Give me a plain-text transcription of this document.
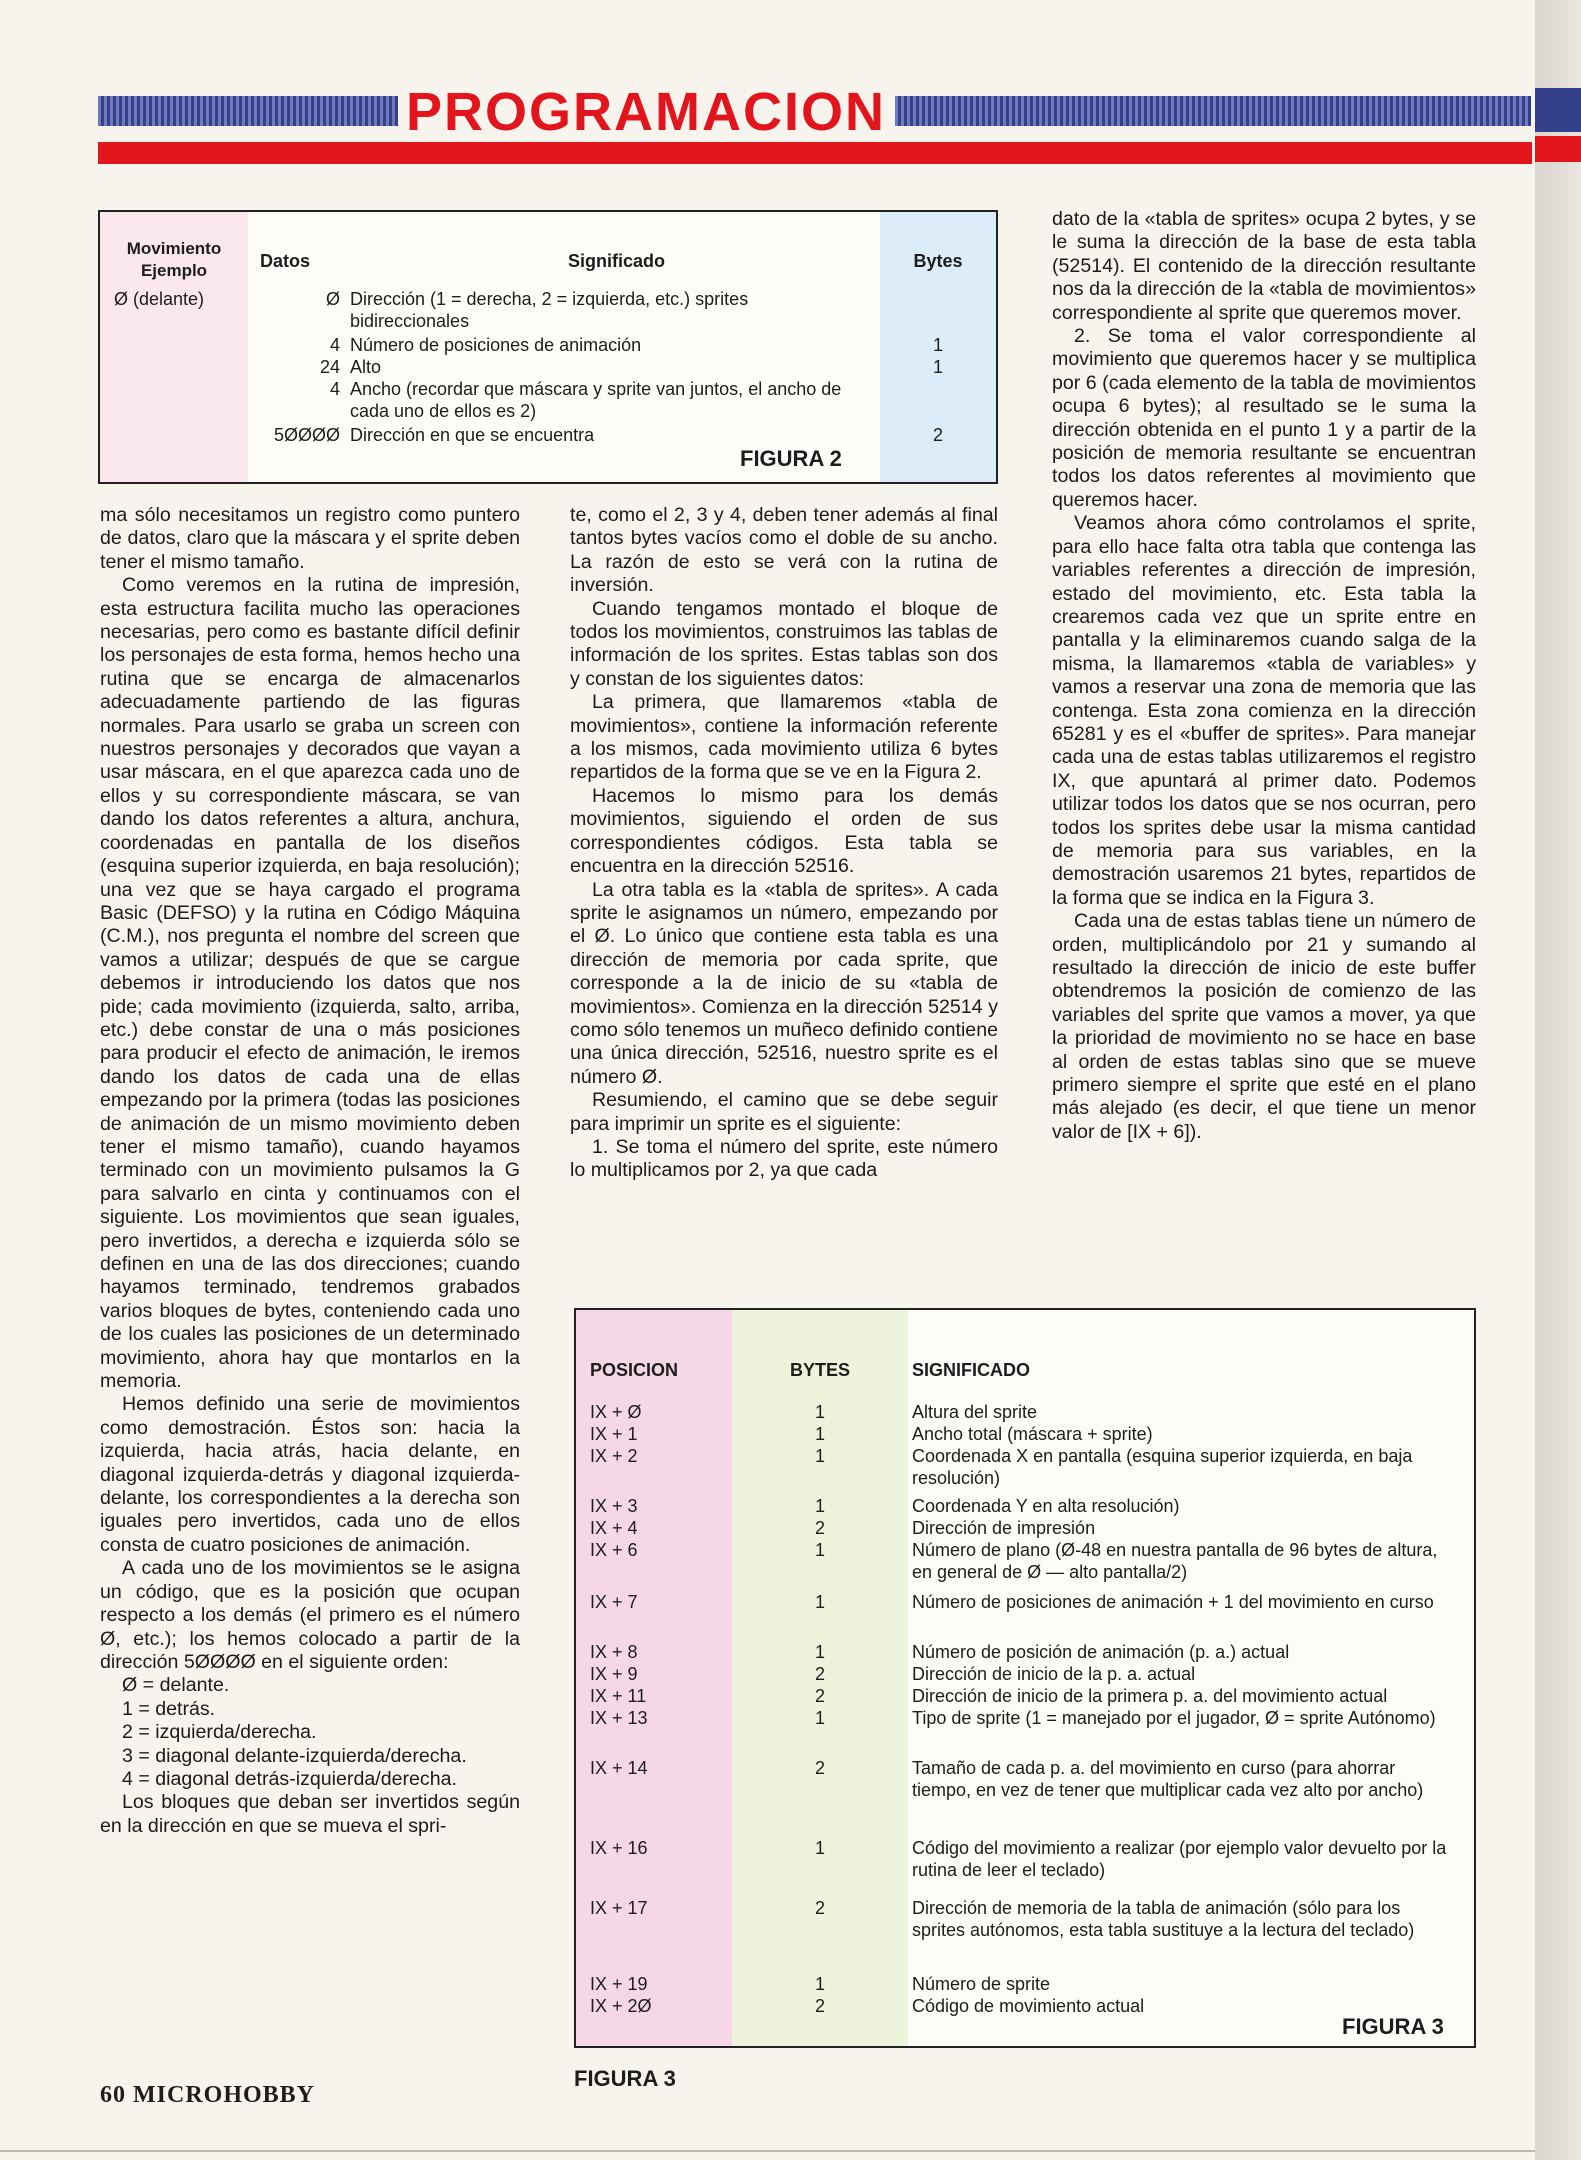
PROGRAMACION
Movimiento Ejemplo	Datos	Significado	Bytes
Ø (delante)	Ø Dirección (1 = derecha, 2 = izquierda, etc.) sprites bidireccionales
4 Número de posiciones de animación	1
24 Alto	1
4 Ancho (recordar que máscara y sprite van juntos, el ancho de cada uno de ellos es 2)
5ØØØØ Dirección en que se encuentra	2
FIGURA 2

ma sólo necesitamos un registro como puntero de datos, claro que la máscara y el sprite deben tener el mismo tamaño.

Como veremos en la rutina de impresión, esta estructura facilita mucho las operaciones necesarias, pero como es bastante difícil definir los personajes de esta forma, hemos hecho una rutina que se encarga de almacenarlos adecuadamente partiendo de las figuras normales. Para usarlo se graba un screen con nuestros personajes y decorados que vayan a usar máscara, en el que aparezca cada uno de ellos y su correspondiente máscara, se van dando los datos referentes a altura, anchura, coordenadas en pantalla de los diseños (esquina superior izquierda, en baja resolución); una vez que se haya cargado el programa Basic (DEFSO) y la rutina en Código Máquina (C.M.), nos pregunta el nombre del screen que vamos a utilizar; después de que se cargue debemos ir introduciendo los datos que nos pide; cada movimiento (izquierda, salto, arriba, etc.) debe constar de una o más posiciones para producir el efecto de animación, le iremos dando los datos de cada una de ellas empezando por la primera (todas las posiciones de animación de un mismo movimiento deben tener el mismo tamaño), cuando hayamos terminado con un movimiento pulsamos la G para salvarlo en cinta y continuamos con el siguiente. Los movimientos que sean iguales, pero invertidos, a derecha e izquierda sólo se definen en una de las dos direcciones; cuando hayamos terminado, tendremos grabados varios bloques de bytes, conteniendo cada uno de los cuales las posiciones de un determinado movimiento, ahora hay que montarlos en la memoria.

Hemos definido una serie de movimientos como demostración. Éstos son: hacia la izquierda, hacia atrás, hacia delante, en diagonal izquierda-detrás y diagonal izquierda-delante, los correspondientes a la derecha son iguales pero invertidos, cada uno de ellos consta de cuatro posiciones de animación.

A cada uno de los movimientos se le asigna un código, que es la posición que ocupan respecto a los demás (el primero es el número Ø, etc.); los hemos colocado a partir de la dirección 5ØØØØ en el siguiente orden:

Ø = delante.

1 = detrás.

2 = izquierda/derecha.

3 = diagonal delante-izquierda/derecha.

4 = diagonal detrás-izquierda/derecha.

Los bloques que deban ser invertidos según en la dirección en que se mueva el spri-

te, como el 2, 3 y 4, deben tener además al final tantos bytes vacíos como el doble de su ancho. La razón de esto se verá con la rutina de inversión.

Cuando tengamos montado el bloque de todos los movimientos, construimos las tablas de información de los sprites. Estas tablas son dos y constan de los siguientes datos:

La primera, que llamaremos «tabla de movimientos», contiene la información referente a los mismos, cada movimiento utiliza 6 bytes repartidos de la forma que se ve en la Figura 2.

Hacemos lo mismo para los demás movimientos, siguiendo el orden de sus correspondientes códigos. Esta tabla se encuentra en la dirección 52516.

La otra tabla es la «tabla de sprites». A cada sprite le asignamos un número, empezando por el Ø. Lo único que contiene esta tabla es una dirección de memoria por cada sprite, que corresponde a la de inicio de su «tabla de movimientos». Comienza en la dirección 52514 y como sólo tenemos un muñeco definido contiene una única dirección, 52516, nuestro sprite es el número Ø.

Resumiendo, el camino que se debe seguir para imprimir un sprite es el siguiente:

1. Se toma el número del sprite, este número lo multiplicamos por 2, ya que cada

dato de la «tabla de sprites» ocupa 2 bytes, y se le suma la dirección de la base de esta tabla (52514). El contenido de la dirección resultante nos da la dirección de la «tabla de movimientos» correspondiente al sprite que queremos mover.

2. Se toma el valor correspondiente al movimiento que queremos hacer y se multiplica por 6 (cada elemento de la tabla de movimientos ocupa 6 bytes); al resultado se le suma la dirección obtenida en el punto 1 y a partir de la posición de memoria resultante se encuentran todos los datos referentes al movimiento que queremos hacer.

Veamos ahora cómo controlamos el sprite, para ello hace falta otra tabla que contenga las variables referentes a dirección de impresión, estado del movimiento, etc. Esta tabla la crearemos cada vez que un sprite entre en pantalla y la eliminaremos cuando salga de la misma, la llamaremos «tabla de variables» y vamos a reservar una zona de memoria que las contenga. Esta zona comienza en la dirección 65281 y es el «buffer de sprites». Para manejar cada una de estas tablas utilizaremos el registro IX, que apuntará al primer dato. Podemos utilizar todos los datos que se nos ocurran, pero todos los sprites debe usar la misma cantidad de memoria para sus variables, en la demostración usaremos 21 bytes, repartidos de la forma que se indica en la Figura 3.

Cada una de estas tablas tiene un número de orden, multiplicándolo por 21 y sumando al resultado la dirección de inicio de este buffer obtendremos la posición de comienzo de las variables del sprite que vamos a mover, ya que la prioridad de movimiento no se hace en base al orden de estas tablas sino que se mueve primero siempre el sprite que esté en el plano más alejado (es decir, el que tiene un menor valor de [IX + 6]).

POSICION	BYTES	SIGNIFICADO
IX + Ø	1	Altura del sprite
IX + 1	1	Ancho total (máscara + sprite)
IX + 2	1	Coordenada X en pantalla (esquina superior izquierda, en baja resolución)
IX + 3	1	Coordenada Y en alta resolución)
IX + 4	2	Dirección de impresión
IX + 6	1	Número de plano (Ø-48 en nuestra pantalla de 96 bytes de altura, en general de Ø — alto pantalla/2)
IX + 7	1	Número de posiciones de animación + 1 del movimiento en curso
IX + 8	1	Número de posición de animación (p. a.) actual
IX + 9	2	Dirección de inicio de la p. a. actual
IX + 11	2	Dirección de inicio de la primera p. a. del movimiento actual
IX + 13	1	Tipo de sprite (1 = manejado por el jugador, Ø = sprite Autónomo)
IX + 14	2	Tamaño de cada p. a. del movimiento en curso (para ahorrar tiempo, en vez de tener que multiplicar cada vez alto por ancho)
IX + 16	1	Código del movimiento a realizar (por ejemplo valor devuelto por la rutina de leer el teclado)
IX + 17	2	Dirección de memoria de la tabla de animación (sólo para los sprites autónomos, esta tabla sustituye a la lectura del teclado)
IX + 19	1	Número de sprite
IX + 2Ø	2	Código de movimiento actual
FIGURA 3
FIGURA 3
60 MICROHOBBY
